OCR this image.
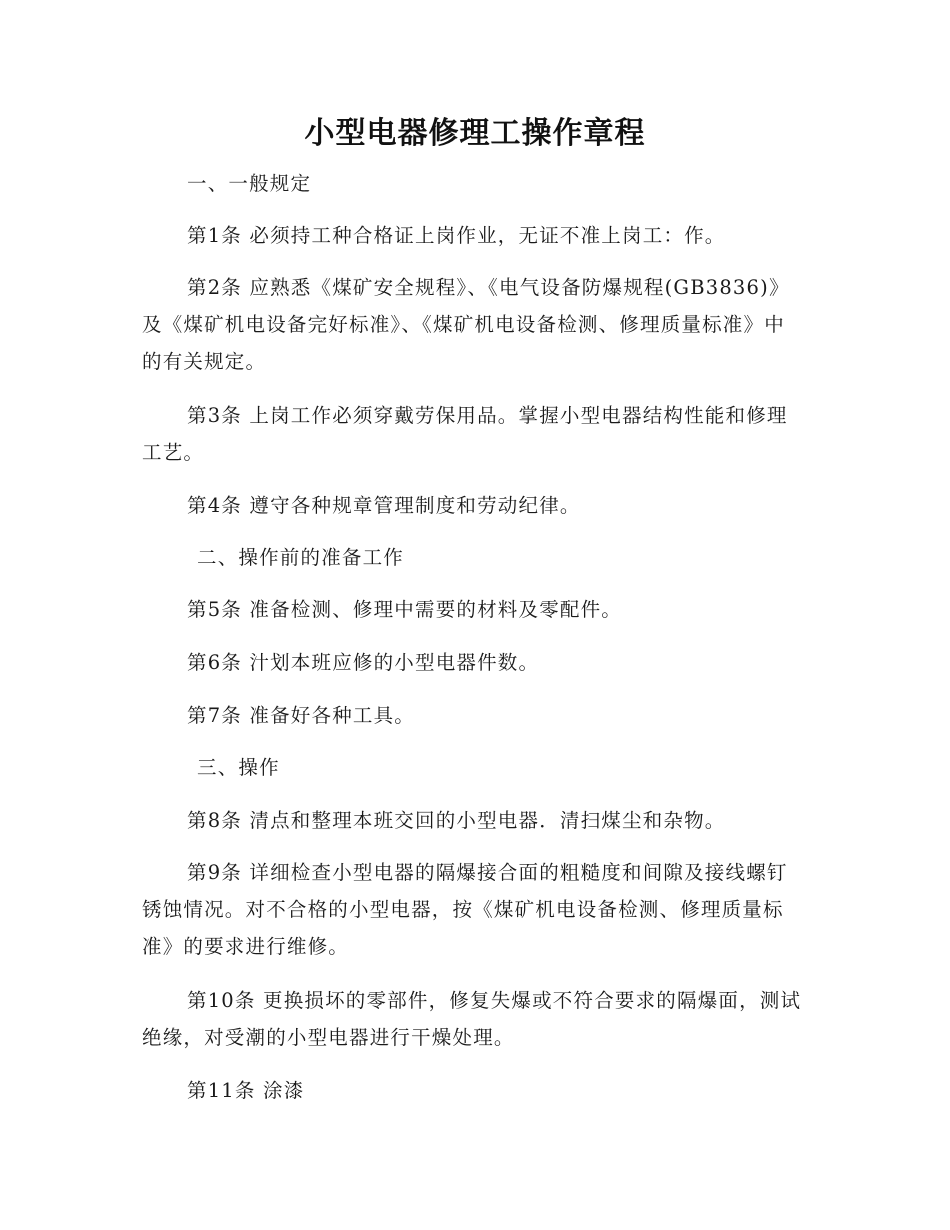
小型电器修理工操作章程
一、一般规定
第1条 必须持工种合格证上岗作业，无证不准上岗工：作。
第2条 应熟悉《煤矿安全规程》、《电气设备防爆规程(GB3836)》及《煤矿机电设备完好标准》、《煤矿机电设备检测、修理质量标准》中的有关规定。
第3条 上岗工作必须穿戴劳保用品。掌握小型电器结构性能和修理工艺。
第4条 遵守各种规章管理制度和劳动纪律。
二、操作前的准备工作
第5条 准备检测、修理中需要的材料及零配件。
第6条 汁划本班应修的小型电器件数。
第7条 准备好各种工具。
三、操作
第8条 清点和整理本班交回的小型电器．清扫煤尘和杂物。
第9条 详细检查小型电器的隔爆接合面的粗糙度和间隙及接线螺钉锈蚀情况。对不合格的小型电器，按《煤矿机电设备检测、修理质量标准》的要求进行维修。
第10条 更换损坏的零部件，修复失爆或不符合要求的隔爆面，测试绝缘，对受潮的小型电器进行干燥处理。
第11条 涂漆
